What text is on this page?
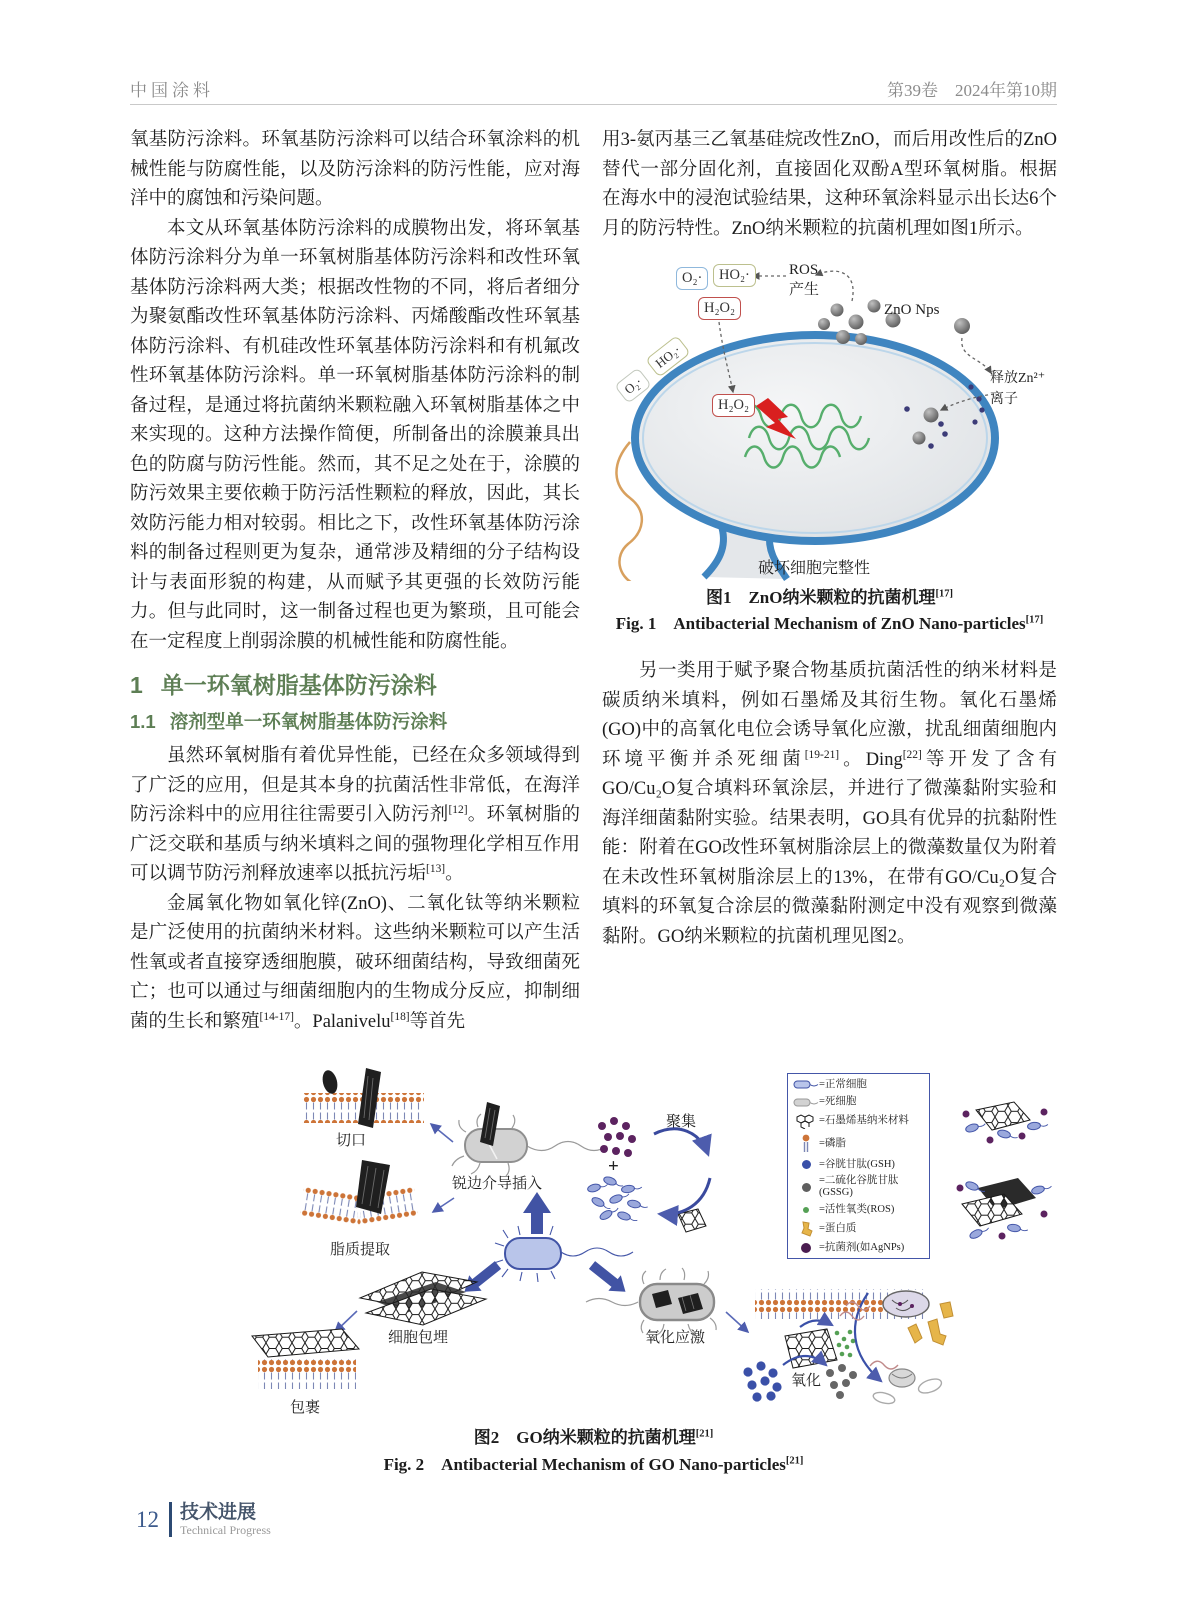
中国涂料	第39卷　2024年第10期

氧基防污涂料。环氧基防污涂料可以结合环氧涂料的机械性能与防腐性能，以及防污涂料的防污性能，应对海洋中的腐蚀和污染问题。

本文从环氧基体防污涂料的成膜物出发，将环氧基体防污涂料分为单一环氧树脂基体防污涂料和改性环氧基体防污涂料两大类；根据改性物的不同，将后者细分为聚氨酯改性环氧基体防污涂料、丙烯酸酯改性环氧基体防污涂料、有机硅改性环氧基体防污涂料和有机氟改性环氧基体防污涂料。单一环氧树脂基体防污涂料的制备过程，是通过将抗菌纳米颗粒融入环氧树脂基体之中来实现的。这种方法操作简便，所制备出的涂膜兼具出色的防腐与防污性能。然而，其不足之处在于，涂膜的防污效果主要依赖于防污活性颗粒的释放，因此，其长效防污能力相对较弱。相比之下，改性环氧基体防污涂料的制备过程则更为复杂，通常涉及精细的分子结构设计与表面形貌的构建，从而赋予其更强的长效防污能力。但与此同时，这一制备过程也更为繁琐，且可能会在一定程度上削弱涂膜的机械性能和防腐性能。

1 单一环氧树脂基体防污涂料
1.1 溶剂型单一环氧树脂基体防污涂料

虽然环氧树脂有着优异性能，已经在众多领域得到了广泛的应用，但是其本身的抗菌活性非常低，在海洋防污涂料中的应用往往需要引入防污剂[12]。环氧树脂的广泛交联和基质与纳米填料之间的强物理化学相互作用可以调节防污剂释放速率以抵抗污垢[13]。

金属氧化物如氧化锌(ZnO)、二氧化钛等纳米颗粒是广泛使用的抗菌纳米材料。这些纳米颗粒可以产生活性氧或者直接穿透细胞膜，破环细菌结构，导致细菌死亡；也可以通过与细菌细胞内的生物成分反应，抑制细菌的生长和繁殖[14-17]。Palanivelu[18]等首先

用3-氨丙基三乙氧基硅烷改性ZnO，而后用改性后的ZnO替代一部分固化剂，直接固化双酚A型环氧树脂。根据在海水中的浸泡试验结果，这种环氧涂料显示出长达6个月的防污特性。ZnO纳米颗粒的抗菌机理如图1所示。

O₂·	HO₂·
H₂O₂
ROS
产生
ZnO Nps
释放Zn²⁺
离子
O₂·
HO₂·
H₂O₂
破坏细胞完整性
图1　ZnO纳米颗粒的抗菌机理[17]
Fig. 1　Antibacterial Mechanism of ZnO Nano-particles[17]

另一类用于赋予聚合物基质抗菌活性的纳米材料是碳质纳米填料，例如石墨烯及其衍生物。氧化石墨烯(GO)中的高氧化电位会诱导氧化应激，扰乱细菌细胞内环境平衡并杀死细菌[19-21]。Ding[22]等开发了含有GO/Cu₂O复合填料环氧涂层，并进行了微藻黏附实验和海洋细菌黏附实验。结果表明，GO具有优异的抗黏附性能：附着在GO改性环氧树脂涂层上的微藻数量仅为附着在未改性环氧树脂涂层上的13%，在带有GO/Cu₂O复合填料的环氧复合涂层的微藻黏附测定中没有观察到微藻黏附。GO纳米颗粒的抗菌机理见图2。

切口
锐边介导插入
脂质提取
细胞包埋
包裹
聚集
+
氧化应激
氧化
=正常细胞
=死细胞
=石墨烯基纳米材料
=磷脂
=谷胱甘肽(GSH)
=二硫化谷胱甘肽(GSSG)
=活性氧类(ROS)
=蛋白质
=抗菌剂(如AgNPs)
图2　GO纳米颗粒的抗菌机理[21]
Fig. 2　Antibacterial Mechanism of GO Nano-particles[21]
12 技术进展
Technical Progress
